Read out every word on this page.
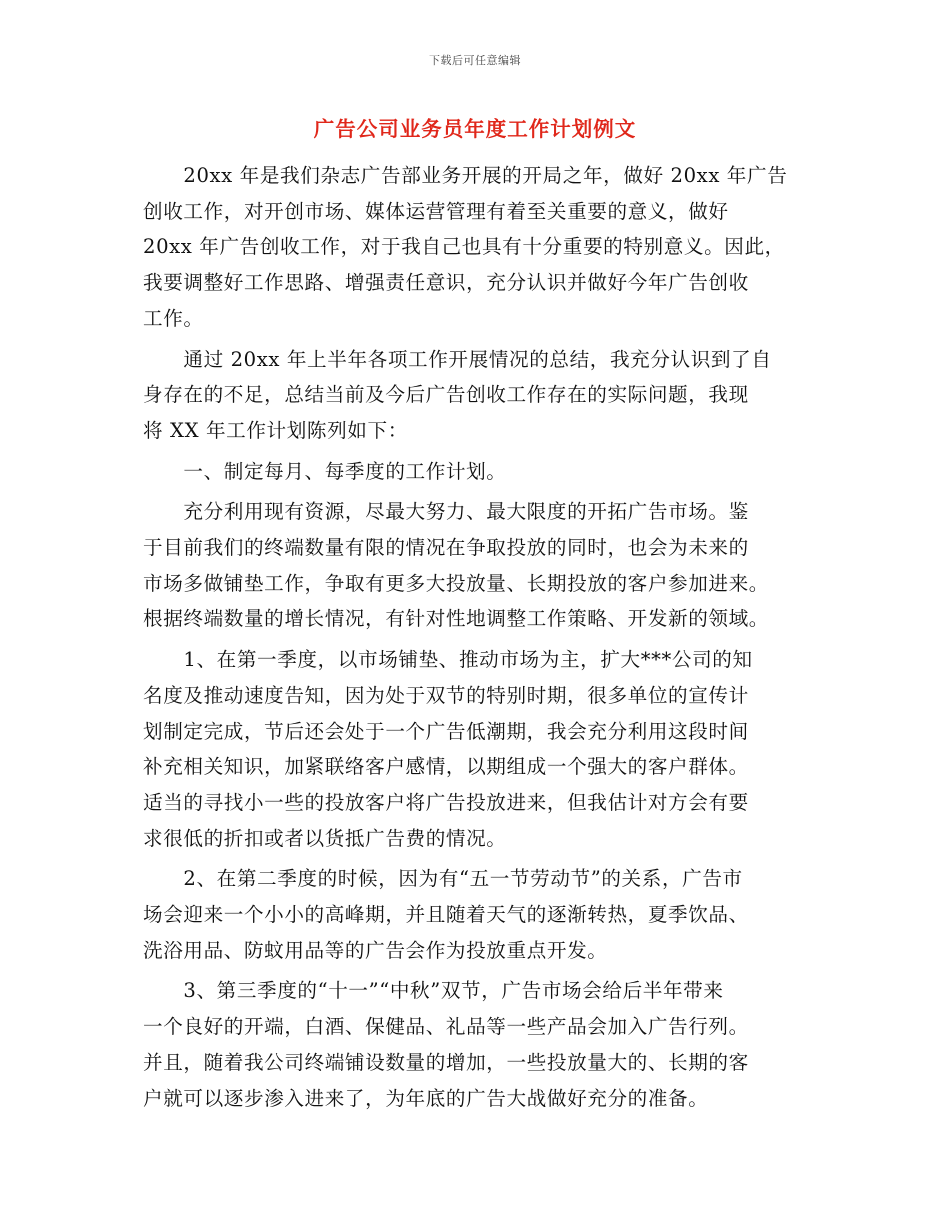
下载后可任意编辑
广告公司业务员年度工作计划例文
　　20xx 年是我们杂志广告部业务开展的开局之年，做好 20xx 年广告
创收工作，对开创市场、媒体运营管理有着至关重要的意义，做好
20xx 年广告创收工作，对于我自己也具有十分重要的特别意义。因此，
我要调整好工作思路、增强责任意识，充分认识并做好今年广告创收
工作。
　　通过 20xx 年上半年各项工作开展情况的总结，我充分认识到了自
身存在的不足，总结当前及今后广告创收工作存在的实际问题，我现
将 XX 年工作计划陈列如下：
　　一、制定每月、每季度的工作计划。
　　充分利用现有资源，尽最大努力、最大限度的开拓广告市场。鉴
于目前我们的终端数量有限的情况在争取投放的同时，也会为未来的
市场多做铺垫工作，争取有更多大投放量、长期投放的客户参加进来。
根据终端数量的增长情况，有针对性地调整工作策略、开发新的领域。
　　1、在第一季度，以市场铺垫、推动市场为主，扩大***公司的知
名度及推动速度告知，因为处于双节的特别时期，很多单位的宣传计
划制定完成，节后还会处于一个广告低潮期，我会充分利用这段时间
补充相关知识，加紧联络客户感情，以期组成一个强大的客户群体。
适当的寻找小一些的投放客户将广告投放进来，但我估计对方会有要
求很低的折扣或者以货抵广告费的情况。
　　2、在第二季度的时候，因为有“五一节劳动节”的关系，广告市
场会迎来一个小小的高峰期，并且随着天气的逐渐转热，夏季饮品、
洗浴用品、防蚊用品等的广告会作为投放重点开发。
　　3、第三季度的“十一”“中秋”双节，广告市场会给后半年带来
一个良好的开端，白酒、保健品、礼品等一些产品会加入广告行列。
并且，随着我公司终端铺设数量的增加，一些投放量大的、长期的客
户就可以逐步渗入进来了，为年底的广告大战做好充分的准备。
